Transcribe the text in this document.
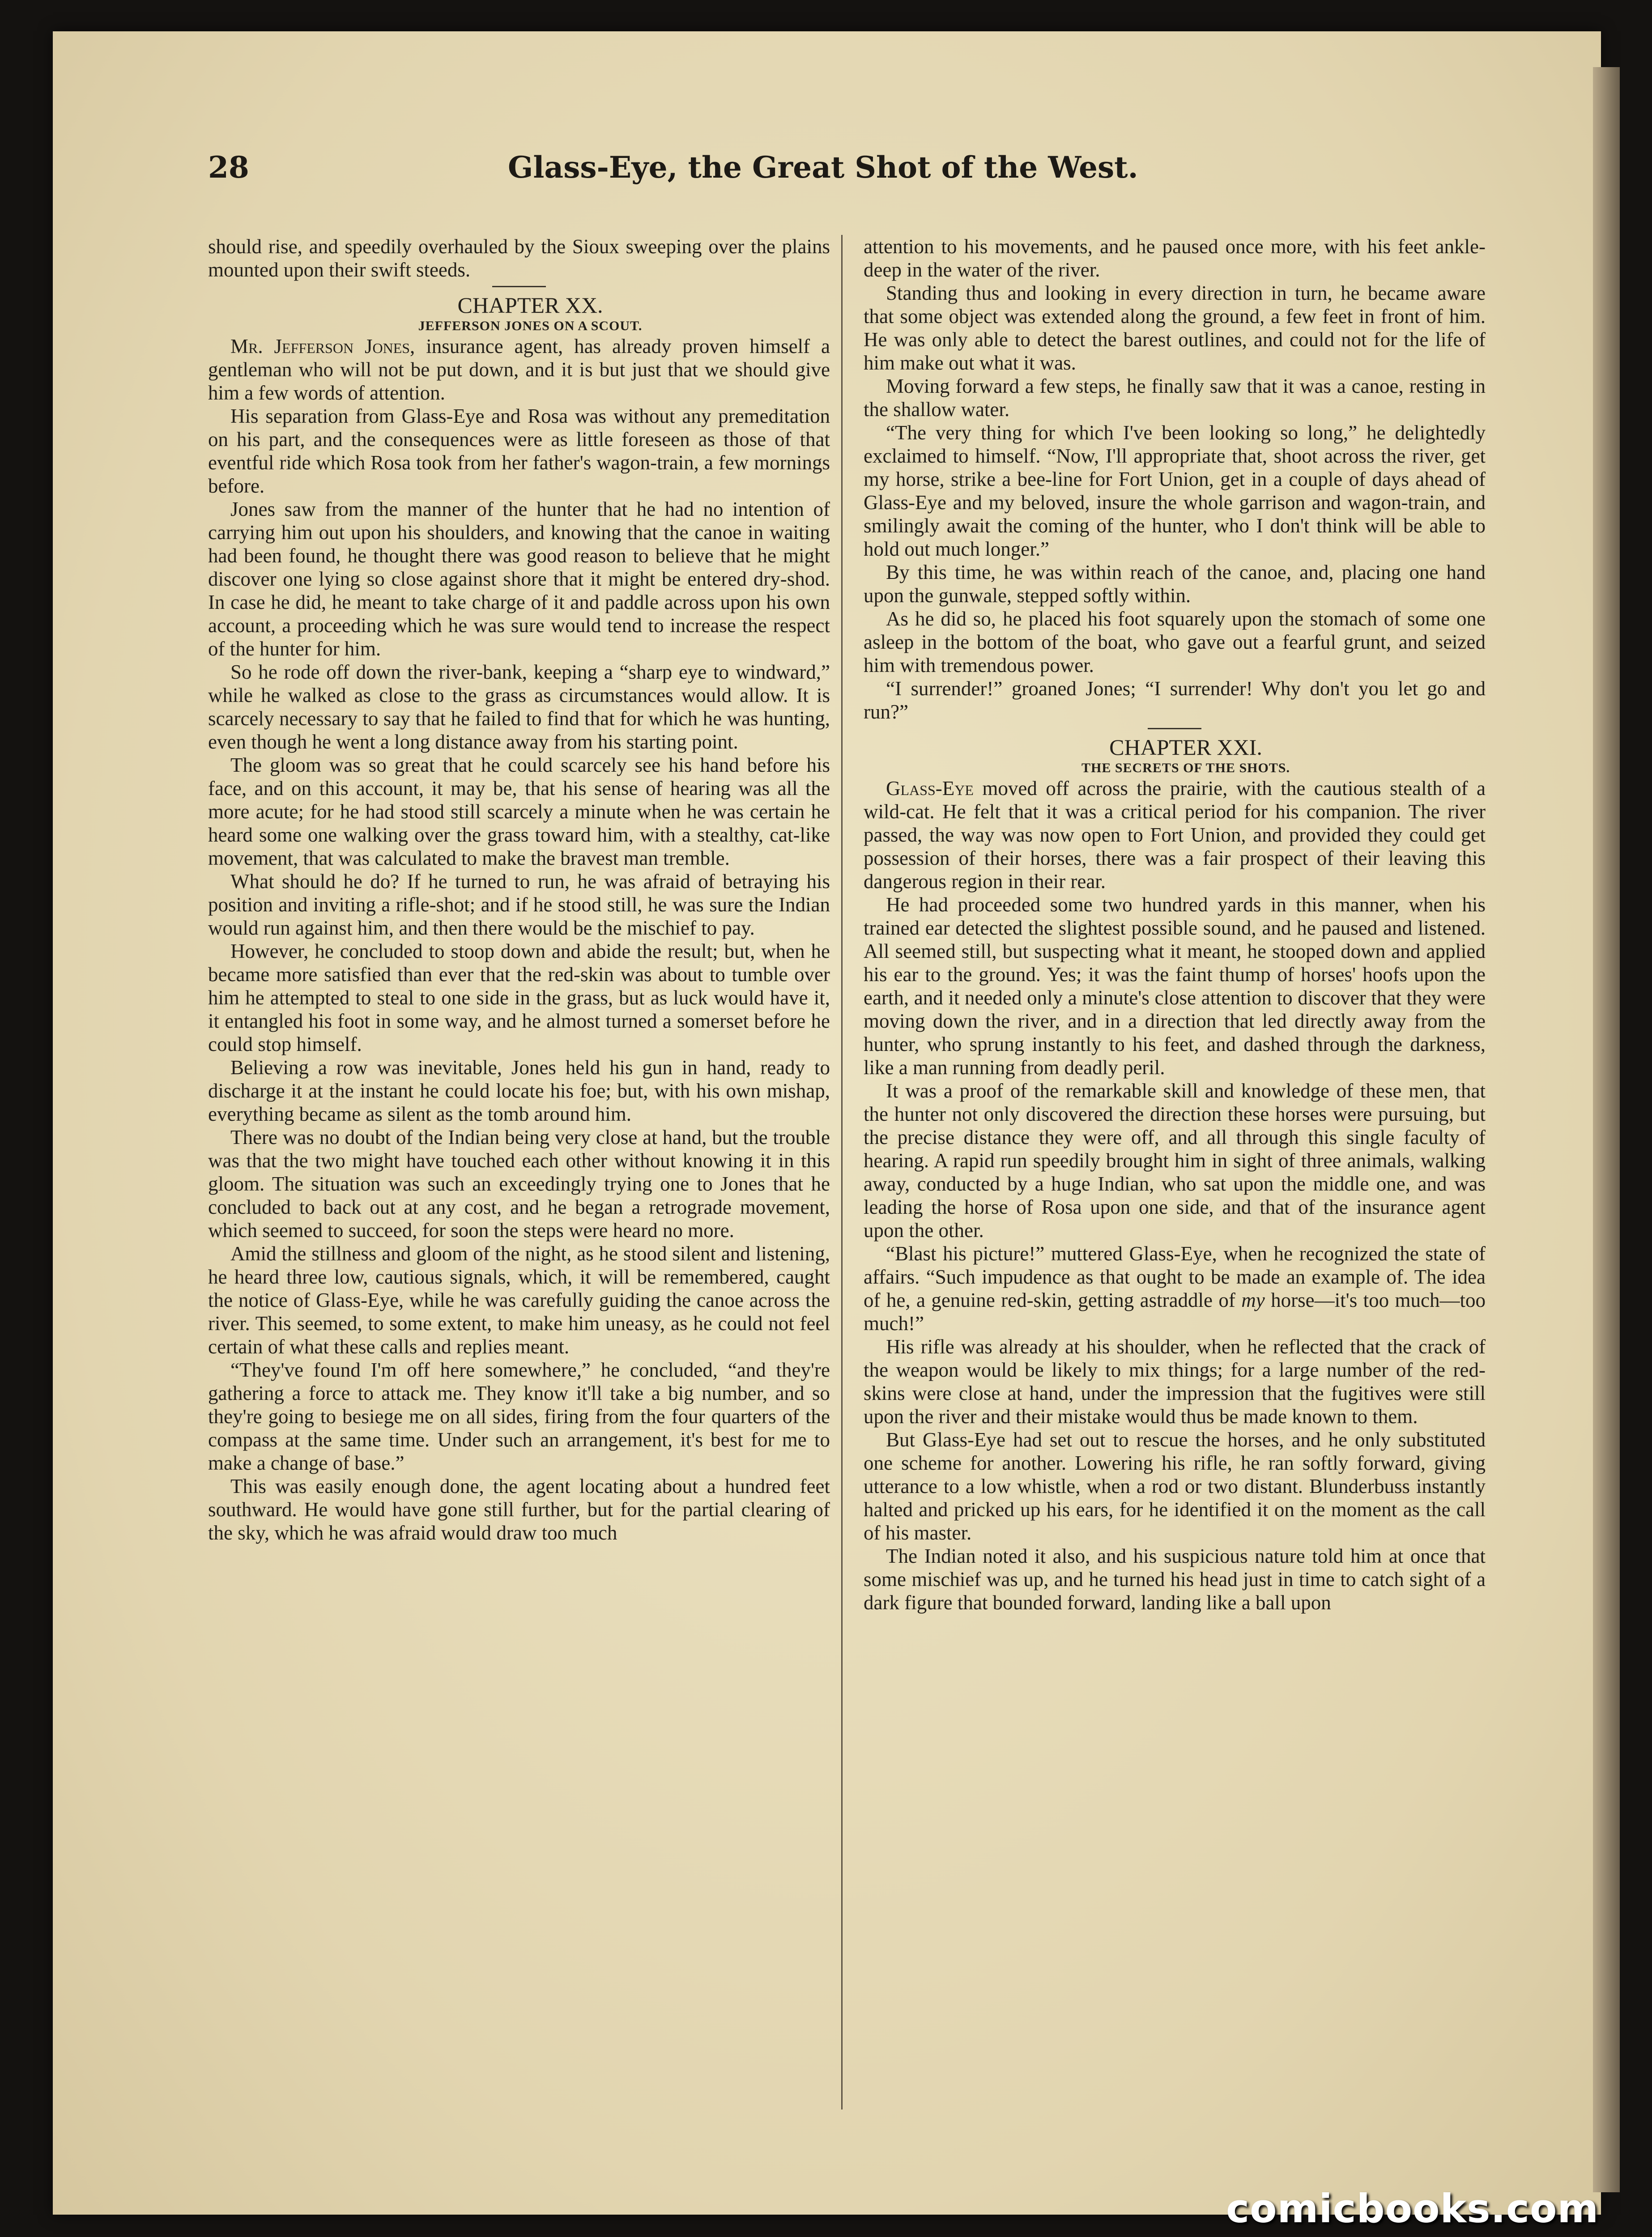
28	Glass-Eye, the Great Shot of the West.

should rise, and speedily overhauled by the Sioux sweeping over the plains mounted upon their swift steeds.

CHAPTER XX.

JEFFERSON JONES ON A SCOUT.

Mr. Jefferson Jones, insurance agent, has already proven himself a gentleman who will not be put down, and it is but just that we should give him a few words of attention.

His separation from Glass-Eye and Rosa was without any premeditation on his part, and the consequences were as little foreseen as those of that eventful ride which Rosa took from her father's wagon-train, a few mornings before.

Jones saw from the manner of the hunter that he had no intention of carrying him out upon his shoulders, and knowing that the canoe in waiting had been found, he thought there was good reason to believe that he might discover one lying so close against shore that it might be entered dry-shod. In case he did, he meant to take charge of it and paddle across upon his own account, a proceeding which he was sure would tend to increase the respect of the hunter for him.

So he rode off down the river-bank, keeping a “sharp eye to windward,” while he walked as close to the grass as circumstances would allow. It is scarcely necessary to say that he failed to find that for which he was hunting, even though he went a long distance away from his starting point.

The gloom was so great that he could scarcely see his hand before his face, and on this account, it may be, that his sense of hearing was all the more acute; for he had stood still scarcely a minute when he was certain he heard some one walking over the grass toward him, with a stealthy, cat-like movement, that was calculated to make the bravest man tremble.

What should he do? If he turned to run, he was afraid of betraying his position and inviting a rifle-shot; and if he stood still, he was sure the Indian would run against him, and then there would be the mischief to pay.

However, he concluded to stoop down and abide the result; but, when he became more satisfied than ever that the red-skin was about to tumble over him he attempted to steal to one side in the grass, but as luck would have it, it entangled his foot in some way, and he almost turned a somerset before he could stop himself.

Believing a row was inevitable, Jones held his gun in hand, ready to discharge it at the instant he could locate his foe; but, with his own mishap, everything became as silent as the tomb around him.

There was no doubt of the Indian being very close at hand, but the trouble was that the two might have touched each other without knowing it in this gloom. The situation was such an exceedingly trying one to Jones that he concluded to back out at any cost, and he began a retrograde movement, which seemed to succeed, for soon the steps were heard no more.

Amid the stillness and gloom of the night, as he stood silent and listening, he heard three low, cautious signals, which, it will be remembered, caught the notice of Glass-Eye, while he was carefully guiding the canoe across the river. This seemed, to some extent, to make him uneasy, as he could not feel certain of what these calls and replies meant.

“They've found I'm off here somewhere,” he concluded, “and they're gathering a force to attack me. They know it'll take a big number, and so they're going to besiege me on all sides, firing from the four quarters of the compass at the same time. Under such an arrangement, it's best for me to make a change of base.”

This was easily enough done, the agent locating about a hundred feet southward. He would have gone still further, but for the partial clearing of the sky, which he was afraid would draw too much

attention to his movements, and he paused once more, with his feet ankle-deep in the water of the river.

Standing thus and looking in every direction in turn, he became aware that some object was extended along the ground, a few feet in front of him. He was only able to detect the barest outlines, and could not for the life of him make out what it was.

Moving forward a few steps, he finally saw that it was a canoe, resting in the shallow water.

“The very thing for which I've been looking so long,” he delightedly exclaimed to himself. “Now, I'll appropriate that, shoot across the river, get my horse, strike a bee-line for Fort Union, get in a couple of days ahead of Glass-Eye and my beloved, insure the whole garrison and wagon-train, and smilingly await the coming of the hunter, who I don't think will be able to hold out much longer.”

By this time, he was within reach of the canoe, and, placing one hand upon the gunwale, stepped softly within.

As he did so, he placed his foot squarely upon the stomach of some one asleep in the bottom of the boat, who gave out a fearful grunt, and seized him with tremendous power.

“I surrender!” groaned Jones; “I surrender! Why don't you let go and run?”

CHAPTER XXI.

THE SECRETS OF THE SHOTS.

Glass-Eye moved off across the prairie, with the cautious stealth of a wild-cat. He felt that it was a critical period for his companion. The river passed, the way was now open to Fort Union, and provided they could get possession of their horses, there was a fair prospect of their leaving this dangerous region in their rear.

He had proceeded some two hundred yards in this manner, when his trained ear detected the slightest possible sound, and he paused and listened. All seemed still, but suspecting what it meant, he stooped down and applied his ear to the ground. Yes; it was the faint thump of horses' hoofs upon the earth, and it needed only a minute's close attention to discover that they were moving down the river, and in a direction that led directly away from the hunter, who sprung instantly to his feet, and dashed through the darkness, like a man running from deadly peril.

It was a proof of the remarkable skill and knowledge of these men, that the hunter not only discovered the direction these horses were pursuing, but the precise distance they were off, and all through this single faculty of hearing. A rapid run speedily brought him in sight of three animals, walking away, conducted by a huge Indian, who sat upon the middle one, and was leading the horse of Rosa upon one side, and that of the insurance agent upon the other.

“Blast his picture!” muttered Glass-Eye, when he recognized the state of affairs. “Such impudence as that ought to be made an example of. The idea of he, a genuine red-skin, getting astraddle of my horse—it's too much—too much!”

His rifle was already at his shoulder, when he reflected that the crack of the weapon would be likely to mix things; for a large number of the red-skins were close at hand, under the impression that the fugitives were still upon the river and their mistake would thus be made known to them.

But Glass-Eye had set out to rescue the horses, and he only substituted one scheme for another. Lowering his rifle, he ran softly forward, giving utterance to a low whistle, when a rod or two distant. Blunderbuss instantly halted and pricked up his ears, for he identified it on the moment as the call of his master.

The Indian noted it also, and his suspicious nature told him at once that some mischief was up, and he turned his head just in time to catch sight of a dark figure that bounded forward, landing like a ball upon

comicbooks.com
